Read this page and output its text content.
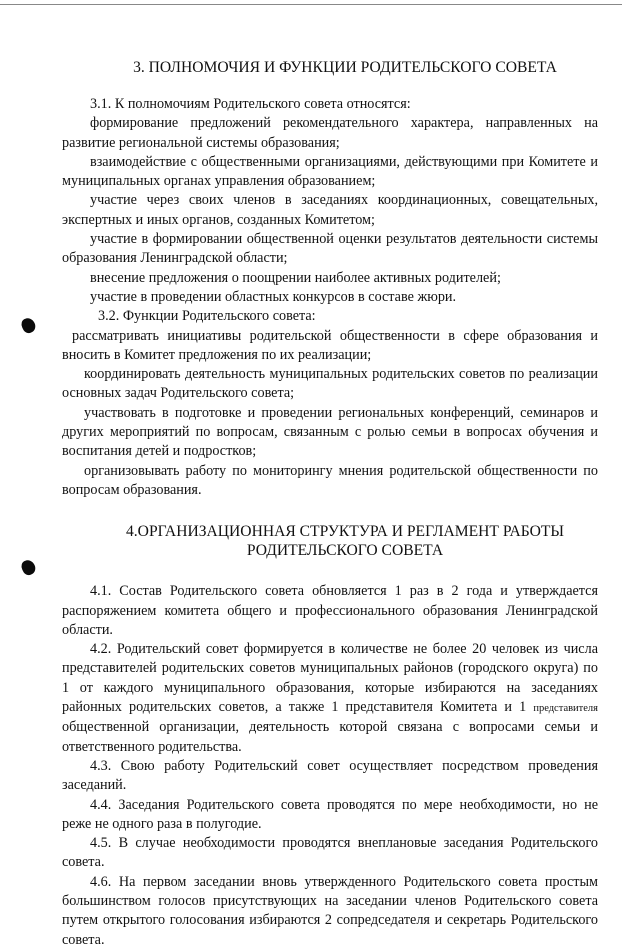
3. ПОЛНОМОЧИЯ И ФУНКЦИИ РОДИТЕЛЬСКОГО СОВЕТА

3.1. К полномочиям Родительского совета относятся:

формирование предложений рекомендательного характера, направленных на развитие региональной системы образования;

взаимодействие с общественными организациями, действующими при Комитете и муниципальных органах управления образованием;

участие через своих членов в заседаниях координационных, совещательных, экспертных и иных органов, созданных Комитетом;

участие в формировании общественной оценки результатов деятельности системы образования Ленинградской области;

внесение предложения о поощрении наиболее активных родителей;

участие в проведении областных конкурсов в составе жюри.

3.2. Функции Родительского совета:

рассматривать инициативы родительской общественности в сфере образования и вносить в Комитет предложения по их реализации;

координировать деятельность муниципальных родительских советов по реализации основных задач Родительского совета;

участвовать в подготовке и проведении региональных конференций, семинаров и других мероприятий по вопросам, связанным с ролью семьи в вопросах обучения и воспитания детей и подростков;

организовывать работу по мониторингу мнения родительской общественности по вопросам образования.

4.ОРГАНИЗАЦИОННАЯ СТРУКТУРА И РЕГЛАМЕНТ РАБОТЫ
РОДИТЕЛЬСКОГО СОВЕТА

4.1. Состав Родительского совета обновляется 1 раз в 2 года и утверждается распоряжением комитета общего и профессионального образования Ленинградской области.

4.2. Родительский совет формируется в количестве не более 20 человек из числа представителей родительских советов муниципальных районов (городского округа) по 1 от каждого муниципального образования, которые избираются на заседаниях районных родительских советов, а также 1 представителя Комитета и 1 представителя общественной организации, деятельность которой связана с вопросами семьи и ответственного родительства.

4.3. Свою работу Родительский совет осуществляет посредством проведения заседаний.

4.4. Заседания Родительского совета проводятся по мере необходимости, но не реже не одного раза в полугодие.

4.5. В случае необходимости проводятся внеплановые заседания Родительского совета.

4.6. На первом заседании вновь утвержденного Родительского совета простым большинством голосов присутствующих на заседании членов Родительского совета путем открытого голосования избираются 2 сопредседателя и секретарь Родительского совета.
